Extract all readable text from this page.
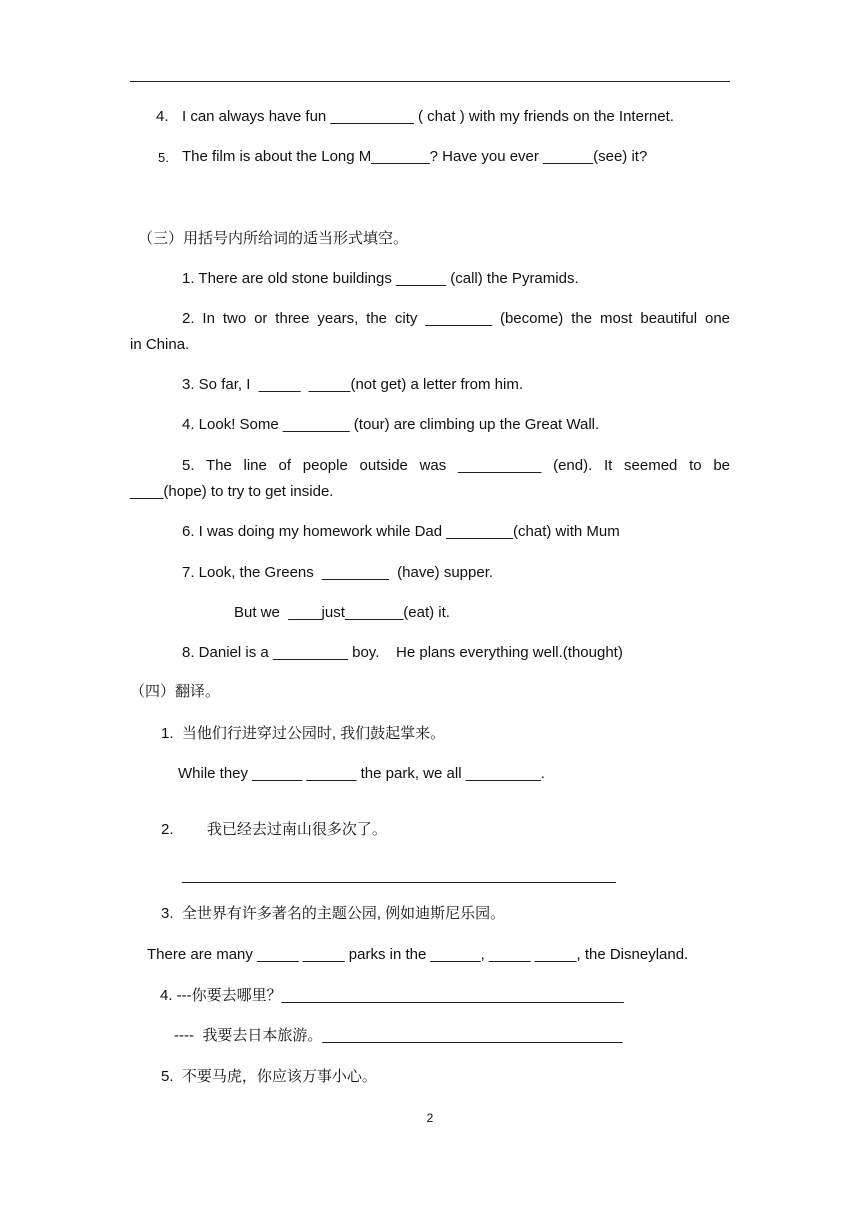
4. I can always have fun __________ ( chat ) with my friends on the Internet.
5. The film is about the Long M_______? Have you ever ______(see) it?
（三）用括号内所给词的适当形式填空。
1. There are old stone buildings ______ (call) the Pyramids.
2. In two or three years, the city ________ (become) the most beautiful one
in China.
3. So far, I  _____  _____(not get) a letter from him.
4. Look! Some ________ (tour) are climbing up the Great Wall.
5. The line of people outside was __________ (end). It seemed to be
____(hope) to try to get inside.
6. I was doing my homework while Dad ________(chat) with Mum
7. Look, the Greens  ________  (have) supper.
But we  ____just_______(eat) it.
8. Daniel is a _________ boy.    He plans everything well.(thought)
（四）翻译。
1.  当他们行进穿过公园时, 我们鼓起掌来。
While they ______ ______ the park, we all _________.
2.        我已经去过南山很多次了。
____________________________________________________
3.  全世界有许多著名的主题公园, 例如迪斯尼乐园。
There are many _____ _____ parks in the ______, _____ _____, the Disneyland.
4. ---你要去哪里？_________________________________________
----  我要去日本旅游。____________________________________
5.  不要马虎，你应该万事小心。
2
